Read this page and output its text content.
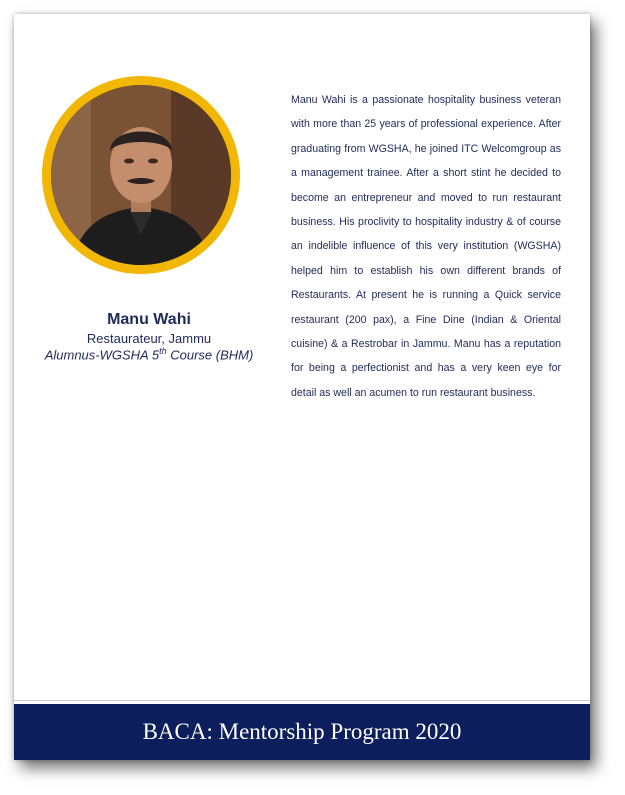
Manu Wahi
Restaurateur, Jammu
Alumnus-WGSHA 5th Course (BHM)
Manu Wahi is a passionate hospitality business veteran with more than 25 years of professional experience. After graduating from WGSHA, he joined ITC Welcomgroup as a management trainee. After a short stint he decided to become an entrepreneur and moved to run restaurant business. His proclivity to hospitality industry & of course an indelible influence of this very institution (WGSHA) helped him to establish his own different brands of Restaurants. At present he is running a Quick service restaurant (200 pax), a Fine Dine (Indian & Oriental cuisine) & a Restrobar in Jammu. Manu has a reputation for being a perfectionist and has a very keen eye for detail as well an acumen to run restaurant business.
BACA: Mentorship Program 2020
